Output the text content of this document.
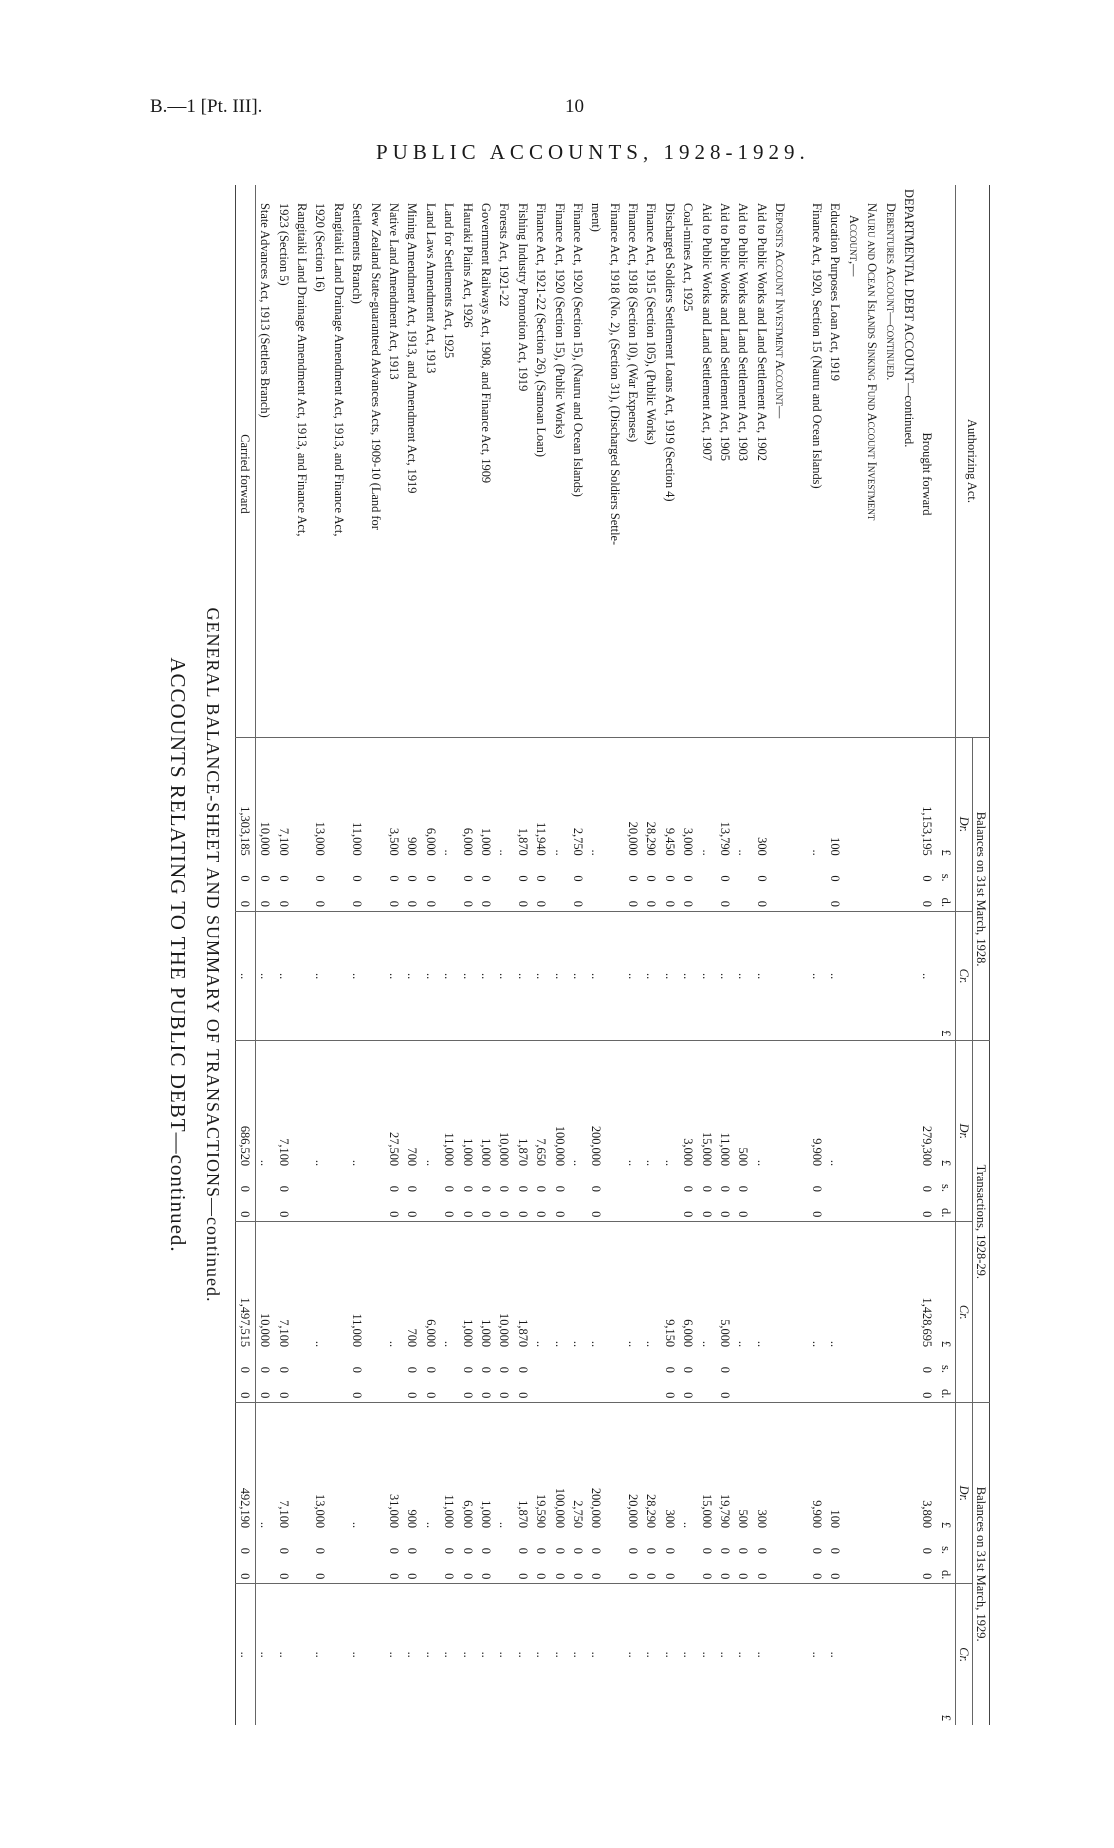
B.—1 [Pt. III].	10
PUBLIC ACCOUNTS, 1928-1929.
ACCOUNTS RELATING TO THE PUBLIC DEBT—continued. GENERAL BALANCE-SHEET AND SUMMARY OF TRANSACTIONS—continued.
Authorizing Act.	Balances on 31st March, 1928.				Transactions, 1928-29.						Balances on 31st March, 1929.			
	Dr.			Cr.	Dr.			Cr.			Dr.			Cr.
	£	s.	d.	£	£	s.	d.	£	s.	d.	£	s.	d.	£
Brought forward	1,153,195	0	0	..	279,300	0	0	1,428,695	0	0	3,800	0	0	
DEPARTMENTAL DEBT ACCOUNT—continued.														
Debentures Account—continued.														
Nauru and Ocean Islands Sinking Fund Account Investment														
Account,—														
Education Purposes Loan Act, 1919	100	0	0	..	..			..			100	0	0	..
Finance Act, 1920, Section 15 (Nauru and Ocean Islands)	..			..	9,900	0	0	..			9,900	0	0	..

Deposits Account Investment Account—														
Aid to Public Works and Land Settlement Act, 1902	300	0	0	..	..			..			300	0	0	..
Aid to Public Works and Land Settlement Act, 1903	..			..	500	0	0	..			500	0	0	..
Aid to Public Works and Land Settlement Act, 1905	13,790	0	0	..	11,000	0	0	5,000	0	0	19,790	0	0	..
Aid to Public Works and Land Settlement Act, 1907	..			..	15,000	0	0	..			15,000	0	0	..
Coal-mines Act, 1925	3,000	0	0	..	3,000	0	0	6,000	0	0	..			..
Discharged Soldiers Settlement Loans Act, 1919 (Section 4)	9,450	0	0	..	..			9,150	0	0	300	0	0	..
Finance Act, 1915 (Section 105), (Public Works)	28,290	0	0	..	..			..			28,290	0	0	..
Finance Act, 1918 (Section 10), (War Expenses)	20,000	0	0	..	..			..			20,000	0	0	..
Finance Act, 1918 (No. 2), (Section 31), (Discharged Soldiers Settle-														
ment)	..			..	200,000	0	0	..			200,000	0	0	..
Finance Act, 1920 (Section 15), (Nauru and Ocean Islands)	2,750	0	0	..	..			..			2,750	0	0	..
Finance Act, 1920 (Section 15), (Public Works)	..			..	100,000	0	0	..			100,000	0	0	..
Finance Act, 1921-22 (Section 26), (Samoan Loan)	11,940	0	0	..	7,650	0	0	..			19,590	0	0	..
Fishing Industry Promotion Act, 1919	1,870	0	0	..	1,870	0	0	1,870	0	0	1,870	0	0	..
Forests Act, 1921-22	..			..	10,000	0	0	10,000	0	0	..			..
Government Railways Act, 1908, and Finance Act, 1909	1,000	0	0	..	1,000	0	0	1,000	0	0	1,000	0	0	..
Hauraki Plains Act, 1926	6,000	0	0	..	1,000	0	0	1,000	0	0	6,000	0	0	..
Land for Settlements Act, 1925	..			..	11,000	0	0	..			11,000	0	0	..
Land Laws Amendment Act, 1913	6,000	0	0	..	..			6,000	0	0	..			..
Mining Amendment Act, 1913, and Amendment Act, 1919	900	0	0	..	700	0	0	700	0	0	900	0	0	..
Native Land Amendment Act, 1913	3,500	0	0	..	27,500	0	0	..			31,000	0	0	..
New Zealand State-guaranteed Advances Acts, 1909-10 (Land for														
Settlements Branch)	11,000	0	0	..	..			11,000	0	0	..			..
Rangitaiki Land Drainage Amendment Act, 1913, and Finance Act,														
1920 (Section 16)	13,000	0	0	..	..			..			13,000	0	0	..
Rangitaiki Land Drainage Amendment Act, 1913, and Finance Act,														
1923 (Section 5)	7,100	0	0	..	7,100	0	0	7,100	0	0	7,100	0	0	..
State Advances Act, 1913 (Settlers Branch)	10,000	0	0	..	..			10,000	0	0	..			..
Carried forward	1,303,185	0	0	..	686,520	0	0	1,497,515	0	0	492,190	0	0	..
